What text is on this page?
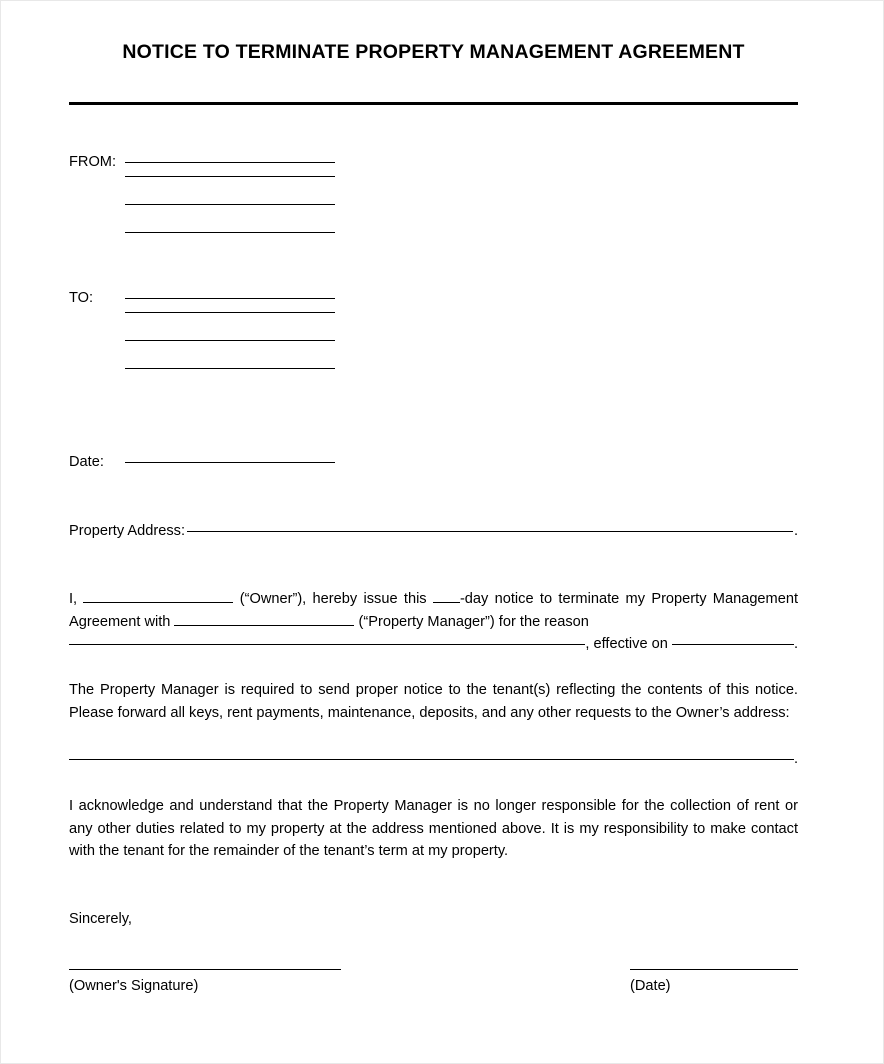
NOTICE TO TERMINATE PROPERTY MANAGEMENT AGREEMENT
FROM:
TO:
Date:
Property Address:	.
I,	(“Owner”), hereby issue this -day notice to terminate my Property Management Agreement with	(“Property Manager”) for the reason
, effective on	.
The Property Manager is required to send proper notice to the tenant(s) reflecting the contents of this notice. Please forward all keys, rent payments, maintenance, deposits, and any other requests to the Owner’s address:
.
I acknowledge and understand that the Property Manager is no longer responsible for the collection of rent or any other duties related to my property at the address mentioned above. It is my responsibility to make contact with the tenant for the remainder of the tenant’s term at my property.
Sincerely,
(Owner's Signature)	(Date)
